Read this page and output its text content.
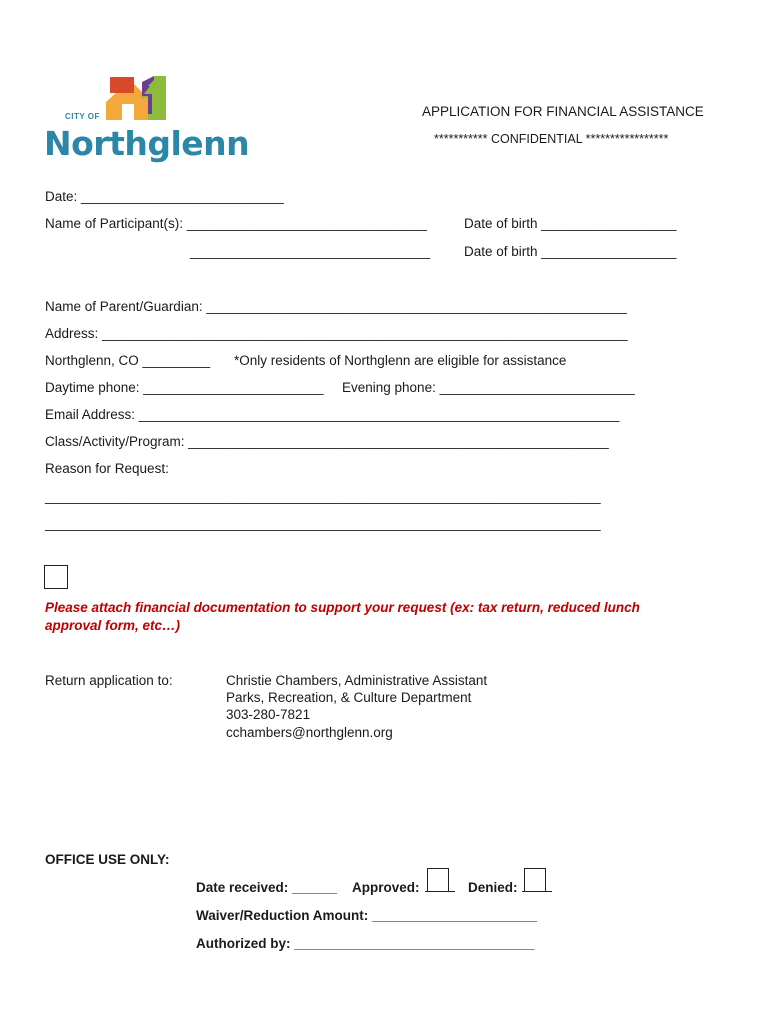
CITY OF
Northglenn
APPLICATION FOR FINANCIAL ASSISTANCE
*********** CONFIDENTIAL *****************
Date: ___________________________
Name of Participant(s): ________________________________	Date of birth __________________
________________________________ Date of birth __________________
Name of Parent/Guardian: ________________________________________________________
Address: ______________________________________________________________________
Northglenn, CO _________ *Only residents of Northglenn are eligible for assistance
Daytime phone: ________________________ Evening phone: __________________________
Email Address: ________________________________________________________________
Class/Activity/Program: ________________________________________________________
Reason for Request:
__________________________________________________________________________
__________________________________________________________________________
Please attach financial documentation to support your request (ex: tax return, reduced lunch
approval form, etc…)
Return application to:	Christie Chambers, Administrative Assistant
Parks, Recreation, & Culture Department
303-280-7821
cchambers@northglenn.org
OFFICE USE ONLY:
Date received: ______ Approved:	Denied:
Waiver/Reduction Amount: ______________________
Authorized by: ________________________________
